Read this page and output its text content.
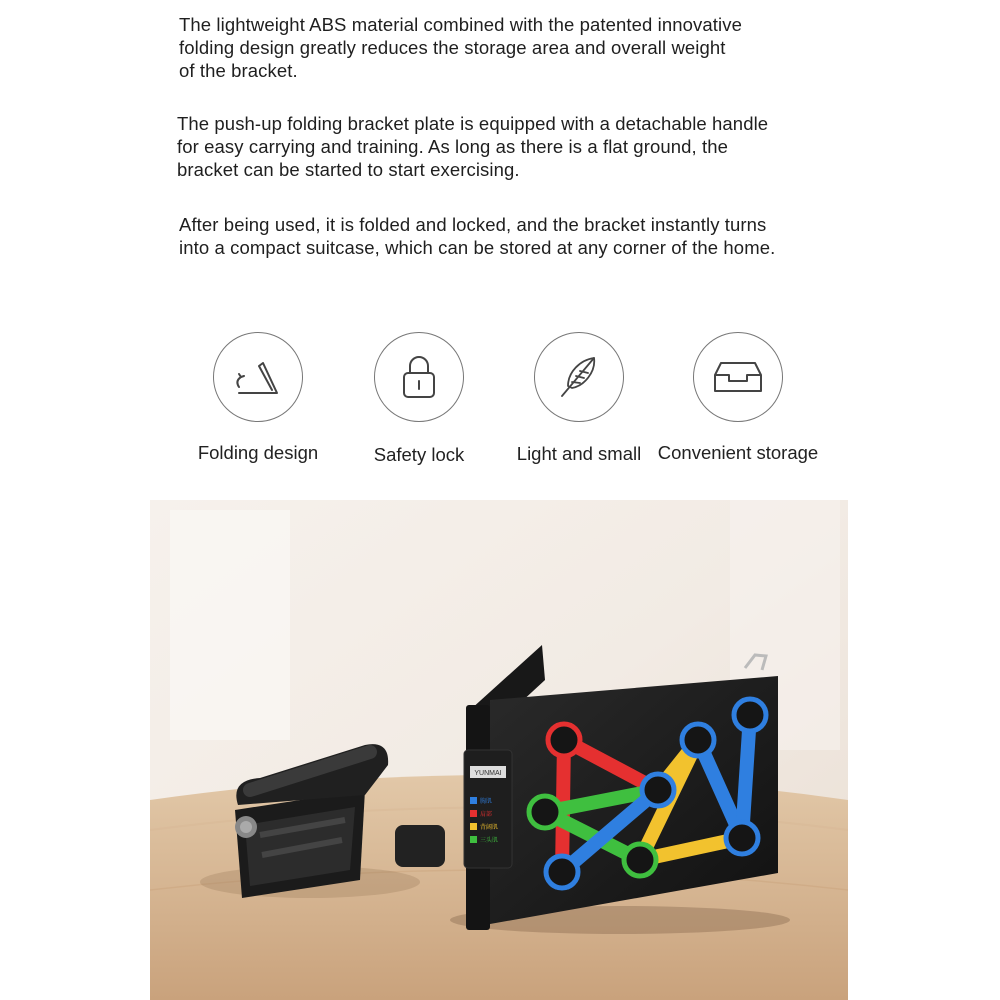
The lightweight ABS material combined with the patented innovative
folding design greatly reduces the storage area and overall weight
of the bracket.

The push-up folding bracket plate is equipped with a detachable handle
for easy carrying and training. As long as there is a flat ground, the
bracket can be started to start exercising.

After being used, it is folded and locked, and the bracket instantly turns
into a compact suitcase, which can be stored at any corner of the home.

Folding design	Safety lock	Light and small Convenient storage
YUNMAI
胸肌
肩部
背阔肌
三头肌
